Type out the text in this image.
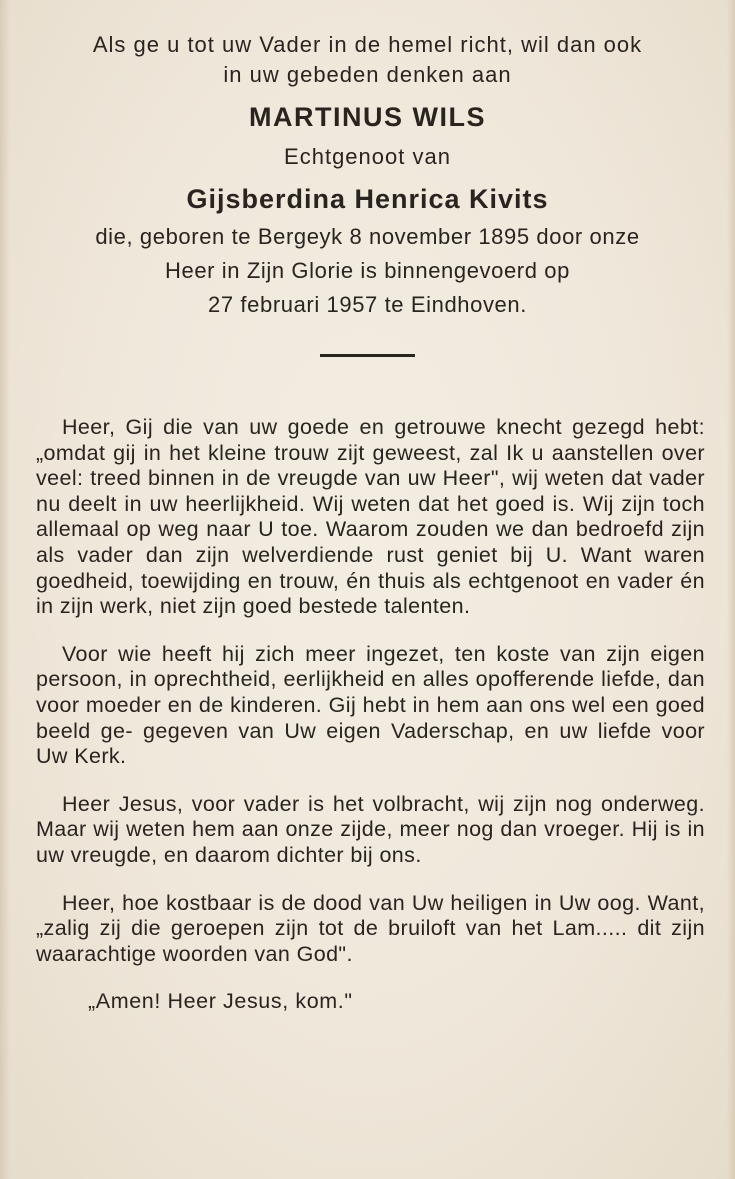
Als ge u tot uw Vader in de hemel richt, wil dan ook
in uw gebeden denken aan

MARTINUS WILS

Echtgenoot van

Gijsberdina Henrica Kivits

die, geboren te Bergeyk 8 november 1895 door onze
Heer in Zijn Glorie is binnengevoerd op
27 februari 1957 te Eindhoven.

Heer, Gij die van uw goede en getrouwe knecht gezegd hebt: „omdat gij in het kleine trouw zijt geweest, zal Ik u aanstellen over veel: treed binnen in de vreugde van uw Heer", wij weten dat vader nu deelt in uw heerlijkheid. Wij weten dat het goed is. Wij zijn toch allemaal op weg naar U toe. Waarom zouden we dan bedroefd zijn als vader dan zijn welverdiende rust geniet bij U. Want waren goedheid, toewijding en trouw, én thuis als echtgenoot en vader én in zijn werk, niet zijn goed bestede talenten.

Voor wie heeft hij zich meer ingezet, ten koste van zijn eigen persoon, in oprechtheid, eerlijkheid en alles opofferende liefde, dan voor moeder en de kinderen. Gij hebt in hem aan ons wel een goed beeld ge- gegeven van Uw eigen Vaderschap, en uw liefde voor Uw Kerk.

Heer Jesus, voor vader is het volbracht, wij zijn nog onderweg. Maar wij weten hem aan onze zijde, meer nog dan vroeger. Hij is in uw vreugde, en daarom dichter bij ons.

Heer, hoe kostbaar is de dood van Uw heiligen in Uw oog. Want, „zalig zij die geroepen zijn tot de bruiloft van het Lam..... dit zijn waarachtige woorden van God".

„Amen! Heer Jesus, kom."
